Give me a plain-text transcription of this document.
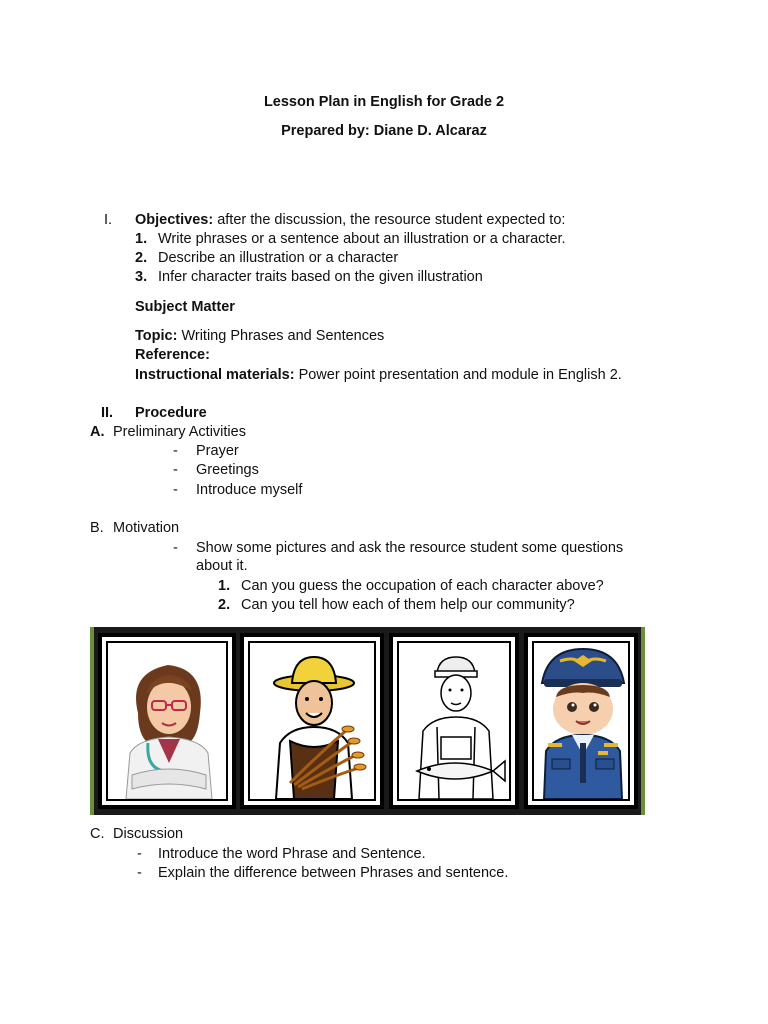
Lesson Plan in English for Grade 2
Prepared by: Diane D. Alcaraz
I. Objectives: after the discussion, the resource student expected to:
1. Write phrases or a sentence about an illustration or a character.
2. Describe an illustration or a character
3. Infer character traits based on the given illustration
Subject Matter
Topic: Writing Phrases and Sentences
Reference:
Instructional materials: Power point presentation and module in English 2.
II. Procedure
A. Preliminary Activities
- Prayer
- Greetings
- Introduce myself
B. Motivation
- Show some pictures and ask the resource student some questions
about it.
1. Can you guess the occupation of each character above?
2. Can you tell how each of them help our community?
C. Discussion
- Introduce the word Phrase and Sentence.
- Explain the difference between Phrases and sentence.
